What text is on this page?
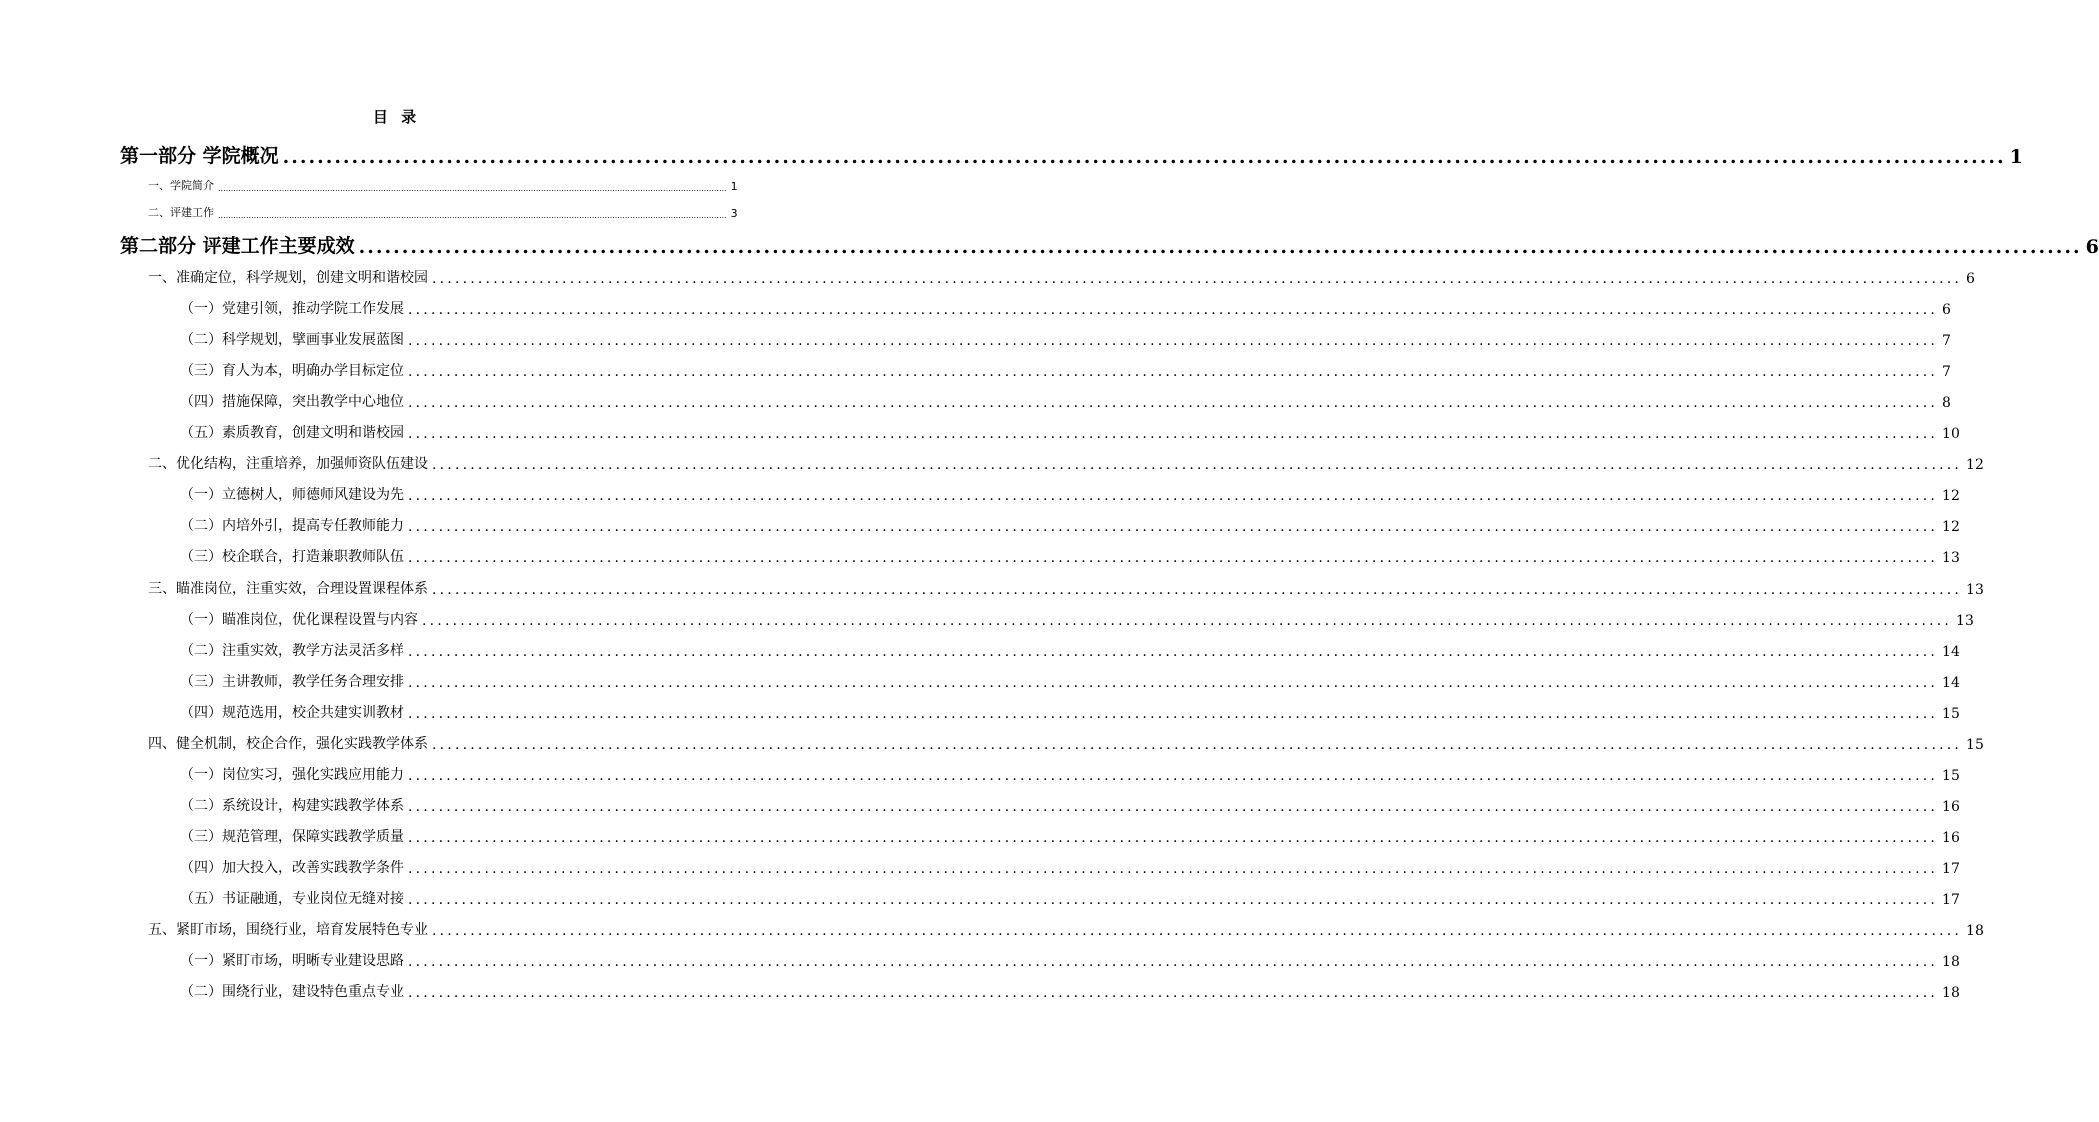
目 录
第一部分 学院概况 ........................................................................................................................................................................................................ 1
一、学院简介 ........................................................................................................................................................................................................ 1
二、评建工作 ........................................................................................................................................................................................................ 3
第二部分 评建工作主要成效 ........................................................................................................................................................................................................ 6
一、准确定位，科学规划，创建文明和谐校园 ........................................................................................................................................................................................................ 6
（一）党建引领，推动学院工作发展 ........................................................................................................................................................................................................ 6
（二）科学规划，擘画事业发展蓝图 ........................................................................................................................................................................................................ 7
（三）育人为本，明确办学目标定位 ........................................................................................................................................................................................................ 7
（四）措施保障，突出教学中心地位 ........................................................................................................................................................................................................ 8
（五）素质教育，创建文明和谐校园 ........................................................................................................................................................................................................ 10
二、优化结构，注重培养，加强师资队伍建设 ........................................................................................................................................................................................................ 12
（一）立德树人，师德师风建设为先 ........................................................................................................................................................................................................ 12
（二）内培外引，提高专任教师能力 ........................................................................................................................................................................................................ 12
（三）校企联合，打造兼职教师队伍 ........................................................................................................................................................................................................ 13
三、瞄准岗位，注重实效，合理设置课程体系 ........................................................................................................................................................................................................ 13
（一）瞄准岗位，优化课程设置与内容 ........................................................................................................................................................................................................ 13
（二）注重实效，教学方法灵活多样 ........................................................................................................................................................................................................ 14
（三）主讲教师，教学任务合理安排 ........................................................................................................................................................................................................ 14
（四）规范选用，校企共建实训教材 ........................................................................................................................................................................................................ 15
四、健全机制，校企合作，强化实践教学体系 ........................................................................................................................................................................................................ 15
（一）岗位实习，强化实践应用能力 ........................................................................................................................................................................................................ 15
（二）系统设计，构建实践教学体系 ........................................................................................................................................................................................................ 16
（三）规范管理，保障实践教学质量 ........................................................................................................................................................................................................ 16
（四）加大投入，改善实践教学条件 ........................................................................................................................................................................................................ 17
（五）书证融通，专业岗位无缝对接 ........................................................................................................................................................................................................ 17
五、紧盯市场，围绕行业，培育发展特色专业 ........................................................................................................................................................................................................ 18
（一）紧盯市场，明晰专业建设思路 ........................................................................................................................................................................................................ 18
（二）围绕行业，建设特色重点专业 ........................................................................................................................................................................................................ 18
